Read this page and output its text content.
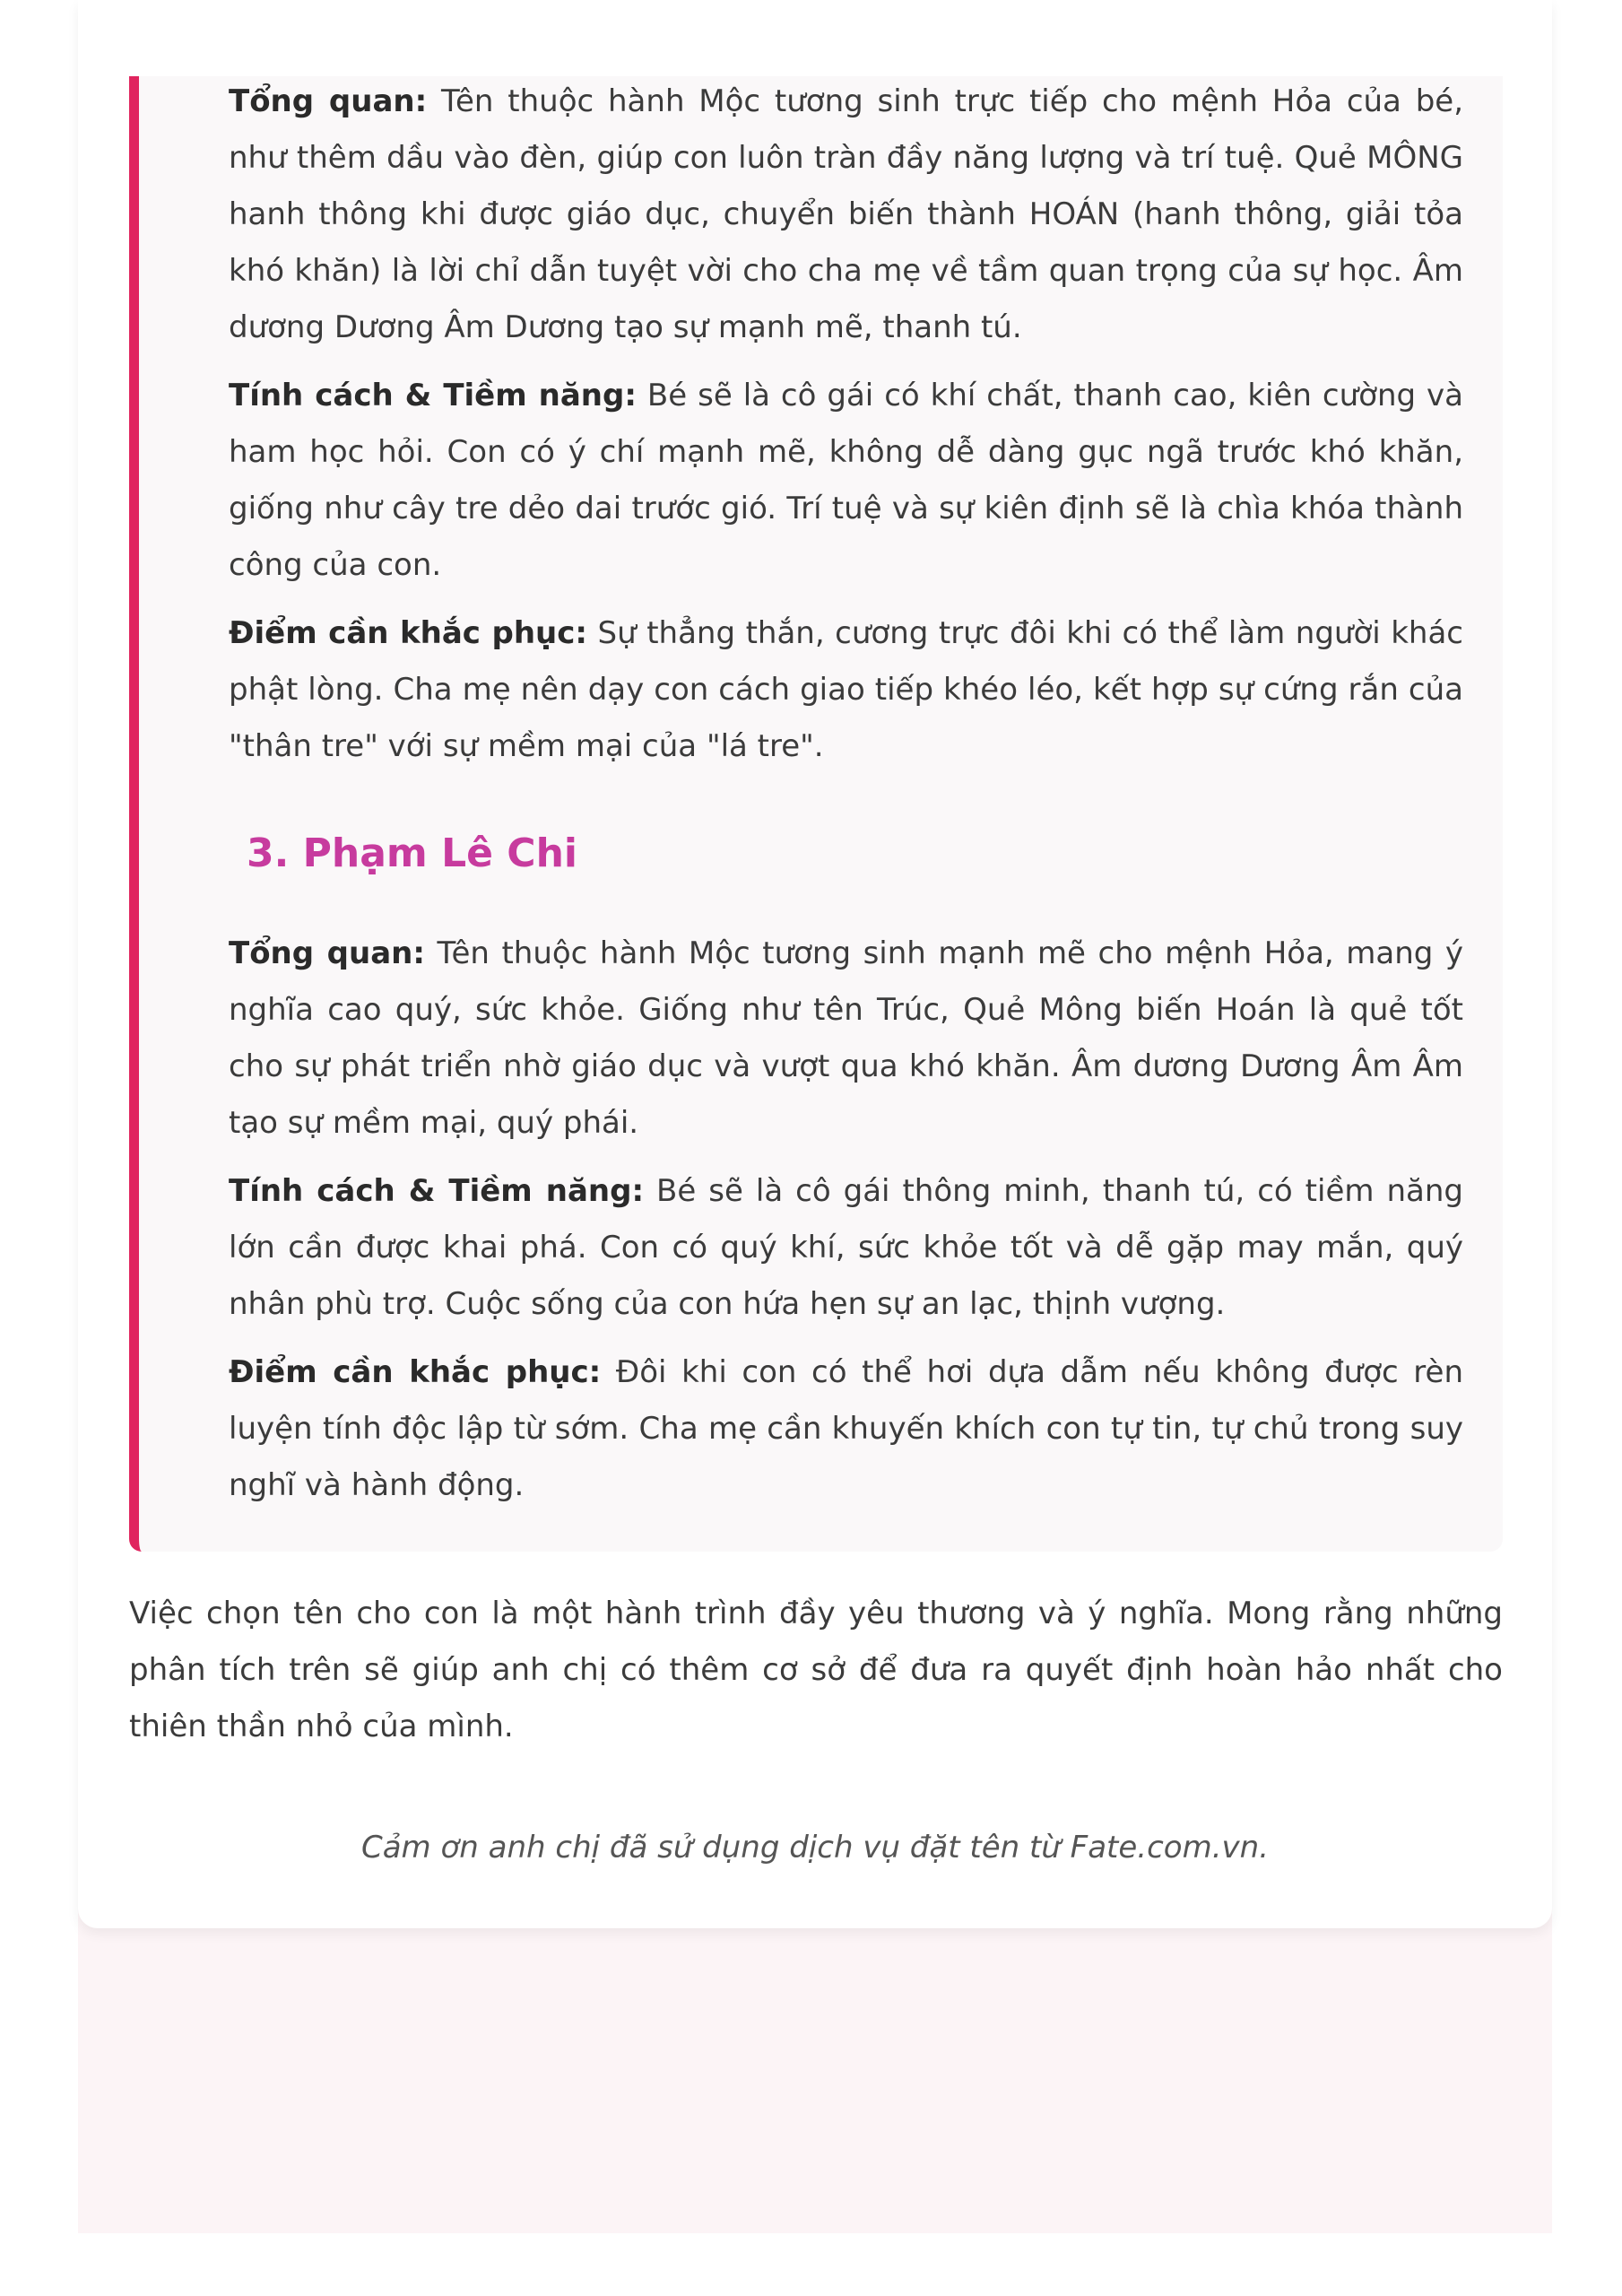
Tổng quan: Tên thuộc hành Mộc tương sinh trực tiếp cho mệnh Hỏa của bé, như thêm dầu vào đèn, giúp con luôn tràn đầy năng lượng và trí tuệ. Quẻ MÔNG hanh thông khi được giáo dục, chuyển biến thành HOÁN (hanh thông, giải tỏa khó khăn) là lời chỉ dẫn tuyệt vời cho cha mẹ về tầm quan trọng của sự học. Âm dương Dương Âm Dương tạo sự mạnh mẽ, thanh tú.

Tính cách & Tiềm năng: Bé sẽ là cô gái có khí chất, thanh cao, kiên cường và ham học hỏi. Con có ý chí mạnh mẽ, không dễ dàng gục ngã trước khó khăn, giống như cây tre dẻo dai trước gió. Trí tuệ và sự kiên định sẽ là chìa khóa thành công của con.

Điểm cần khắc phục: Sự thẳng thắn, cương trực đôi khi có thể làm người khác phật lòng. Cha mẹ nên dạy con cách giao tiếp khéo léo, kết hợp sự cứng rắn của "thân tre" với sự mềm mại của "lá tre".

3. Phạm Lê Chi

Tổng quan: Tên thuộc hành Mộc tương sinh mạnh mẽ cho mệnh Hỏa, mang ý nghĩa cao quý, sức khỏe. Giống như tên Trúc, Quẻ Mông biến Hoán là quẻ tốt cho sự phát triển nhờ giáo dục và vượt qua khó khăn. Âm dương Dương Âm Âm tạo sự mềm mại, quý phái.

Tính cách & Tiềm năng: Bé sẽ là cô gái thông minh, thanh tú, có tiềm năng lớn cần được khai phá. Con có quý khí, sức khỏe tốt và dễ gặp may mắn, quý nhân phù trợ. Cuộc sống của con hứa hẹn sự an lạc, thịnh vượng.

Điểm cần khắc phục: Đôi khi con có thể hơi dựa dẫm nếu không được rèn luyện tính độc lập từ sớm. Cha mẹ cần khuyến khích con tự tin, tự chủ trong suy nghĩ và hành động.

Việc chọn tên cho con là một hành trình đầy yêu thương và ý nghĩa. Mong rằng những phân tích trên sẽ giúp anh chị có thêm cơ sở để đưa ra quyết định hoàn hảo nhất cho thiên thần nhỏ của mình.

Cảm ơn anh chị đã sử dụng dịch vụ đặt tên từ Fate.com.vn.
